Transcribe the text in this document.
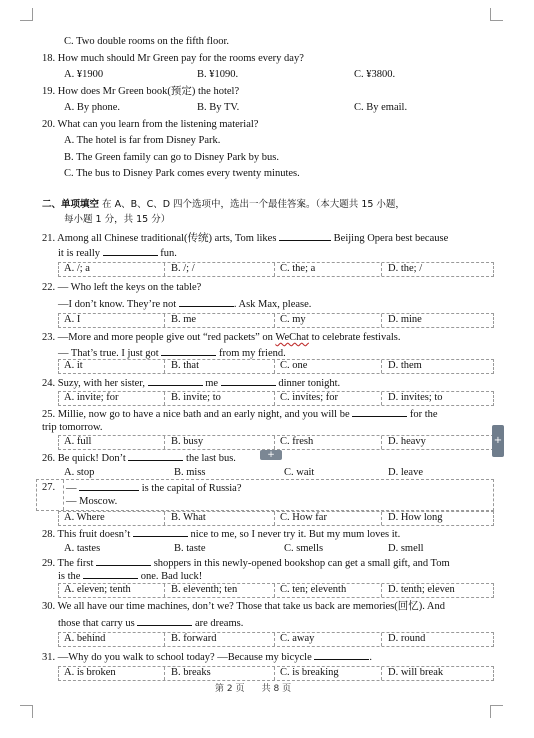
C. Two double rooms on the fifth floor.
18. How much should Mr Green pay for the rooms every day?
A. ¥1900	B. ¥1090.	C. ¥3800.
19. How does Mr Green book(预定) the hotel?
A. By phone.	B. By TV.	C. By email.
20. What can you learn from the listening material?
A. The hotel is far from Disney Park.
B. The Green family can go to Disney Park by bus.
C. The bus to Disney Park comes every twenty minutes.
二、单项填空 在 A、B、C、D 四个选项中，选出一个最佳答案。（本大题共 15 小题，
每小题 1 分，共 15 分）
21. Among all Chinese traditional(传统) arts, Tom likes	Beijing Opera best because
it is really	fun.
A. /; a	B. /; /	C. the; a	D. the; /
22. — Who left the keys on the table?
—I don’t know. They’re not	. Ask Max, please.
A. I	B. me	C. my	D. mine
23. —More and more people give out “red packets” on WeChat to celebrate festivals.
— That’s true. I just got	from my friend.
A. it	B. that	C. one	D. them
24. Suzy, with her sister,	me	dinner tonight.
A. invite; for	B. invite; to	C. invites; for	D. invites; to
25. Millie, now go to have a nice bath and an early night, and you will be	for the
trip tomorrow.
A. full	B. busy	C. fresh	D. heavy
26. Be quick! Don’t	the last bus.
A. stop	B. miss	C. wait	D. leave
27. —	is the capital of Russia?
— Moscow.
A. Where	B. What	C. How far	D. How long
28. This fruit doesn’t	nice to me, so I never try it. But my mum loves it.
A. tastes	B. taste	C. smells	D. smell
29. The first	shoppers in this newly-opened bookshop can get a small gift, and Tom
is the	one. Bad luck!
A. eleven; tenth	B. eleventh; ten	C. ten; eleventh	D. tenth; eleven
30. We all have our time machines, don’t we? Those that take us back are memories(回忆). And
those that carry us	are dreams.
A. behind	B. forward	C. away	D. round
31. —Why do you walk to school today? —Because my bicycle	.
A. is broken	B. breaks	C. is breaking	D. will break
+
+
第 2 页 共 8 页
